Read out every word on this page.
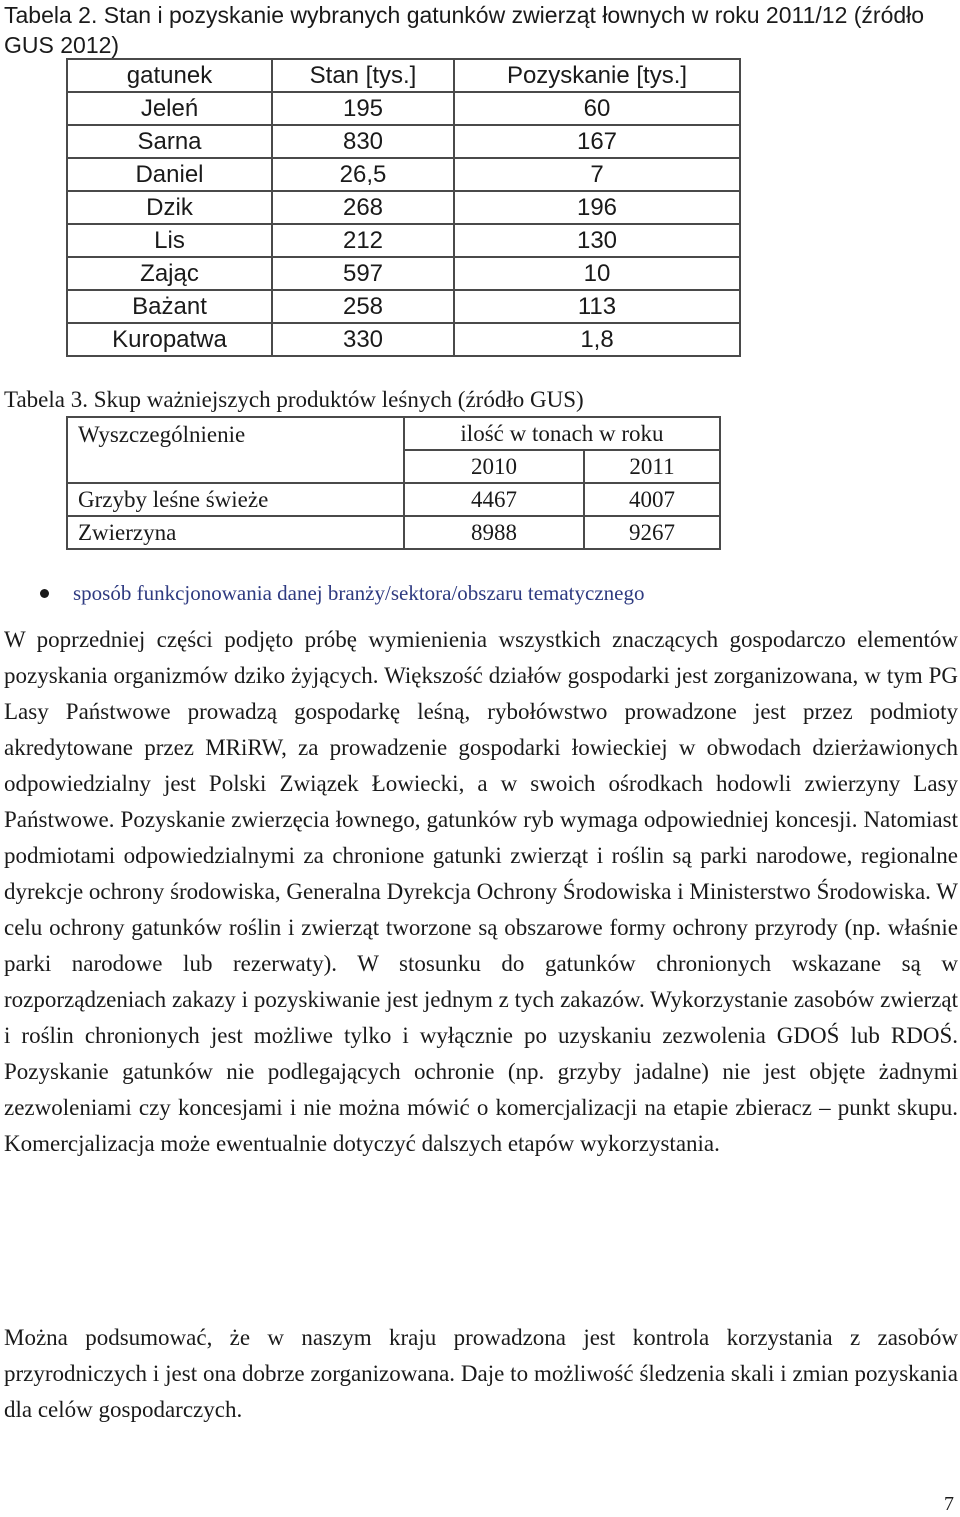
Tabela 2. Stan i pozyskanie wybranych gatunków zwierząt łownych w roku 2011/12 (źródło GUS 2012)
gatunek	Stan [tys.]	Pozyskanie [tys.]
Jeleń	195	60
Sarna	830	167
Daniel	26,5	7
Dzik	268	196
Lis	212	130
Zając	597	10
Bażant	258	113
Kuropatwa	330	1,8
Tabela 3. Skup ważniejszych produktów leśnych (źródło GUS)
Wyszczególnienie	ilość w tonach w roku	
	2010	2011
Grzyby leśne świeże	4467	4007
Zwierzyna	8988	9267
sposób funkcjonowania danej branży/sektora/obszaru tematycznego

W poprzedniej części podjęto próbę wymienienia wszystkich znaczących gospodarczo elementów pozyskania organizmów dziko żyjących. Większość działów gospodarki jest zorganizowana, w tym PG Lasy Państwowe prowadzą gospodarkę leśną, rybołówstwo prowadzone jest przez podmioty akredytowane przez MRiRW, za prowadzenie gospodarki łowieckiej w obwodach dzierżawionych odpowiedzialny jest Polski Związek Łowiecki, a w swoich ośrodkach hodowli zwierzyny Lasy Państwowe. Pozyskanie zwierzęcia łownego, gatunków ryb wymaga odpowiedniej koncesji. Natomiast podmiotami odpowiedzialnymi za chronione gatunki zwierząt i roślin są parki narodowe, regionalne dyrekcje ochrony środowiska, Generalna Dyrekcja Ochrony Środowiska i Ministerstwo Środowiska. W celu ochrony gatunków roślin i zwierząt tworzone są obszarowe formy ochrony przyrody (np. właśnie parki narodowe lub rezerwaty). W stosunku do gatunków chronionych wskazane są w rozporządzeniach zakazy i pozyskiwanie jest jednym z tych zakazów. Wykorzystanie zasobów zwierząt i roślin chronionych jest możliwe tylko i wyłącznie po uzyskaniu zezwolenia GDOŚ lub RDOŚ. Pozyskanie gatunków nie podlegających ochronie (np. grzyby jadalne) nie jest objęte żadnymi zezwoleniami czy koncesjami i nie można mówić o komercjalizacji na etapie zbieracz – punkt skupu. Komercjalizacja może ewentualnie dotyczyć dalszych etapów wykorzystania.

Można podsumować, że w naszym kraju prowadzona jest kontrola korzystania z zasobów przyrodniczych i jest ona dobrze zorganizowana. Daje to możliwość śledzenia skali i zmian pozyskania dla celów gospodarczych.

7
